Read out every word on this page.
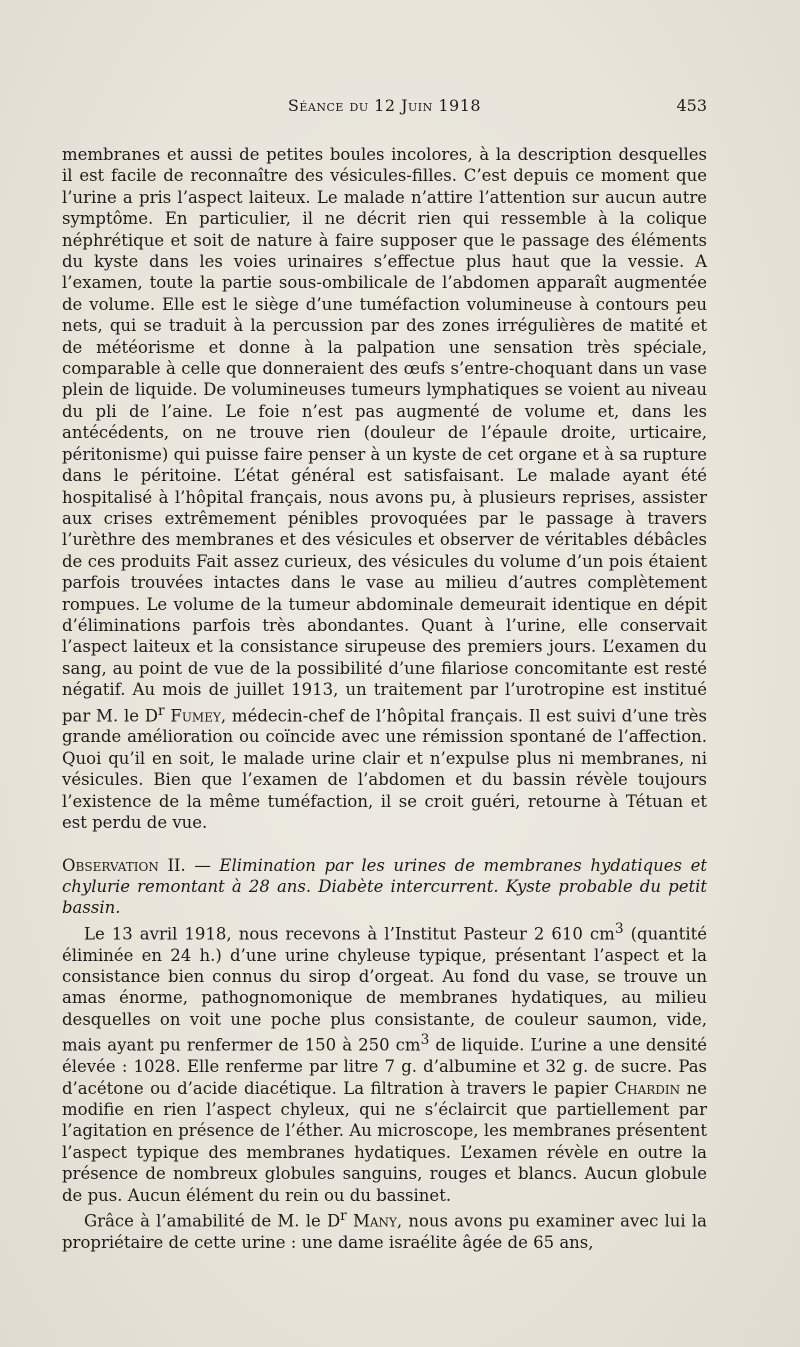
Séance du 12 Juin 1918	453

membranes et aussi de petites boules incolores, à la description desquelles il est facile de reconnaître des vésicules-filles. C’est depuis ce moment que l’urine a pris l’aspect laiteux. Le malade n’attire l’attention sur aucun autre symptôme. En particulier, il ne décrit rien qui ressemble à la colique néphrétique et soit de nature à faire supposer que le passage des éléments du kyste dans les voies urinaires s’effectue plus haut que la vessie. A l’examen, toute la partie sous-ombilicale de l’abdomen apparaît augmentée de volume. Elle est le siège d’une tuméfaction volumineuse à contours peu nets, qui se traduit à la percussion par des zones irrégulières de matité et de météorisme et donne à la palpation une sensation très spéciale, comparable à celle que donneraient des œufs s’entre-choquant dans un vase plein de liquide. De volumineuses tumeurs lymphatiques se voient au niveau du pli de l’aine. Le foie n’est pas augmenté de volume et, dans les antécédents, on ne trouve rien (douleur de l’épaule droite, urticaire, péritonisme) qui puisse faire penser à un kyste de cet organe et à sa rupture dans le péritoine. L’état général est satisfaisant. Le malade ayant été hospitalisé à l’hôpital français, nous avons pu, à plusieurs reprises, assister aux crises extrêmement pénibles provoquées par le passage à travers l’urèthre des membranes et des vésicules et observer de véritables débâcles de ces produits Fait assez curieux, des vésicules du volume d’un pois étaient parfois trouvées intactes dans le vase au milieu d’autres complètement rompues. Le volume de la tumeur abdominale demeurait identique en dépit d’éliminations parfois très abondantes. Quant à l’urine, elle conservait l’aspect laiteux et la consistance sirupeuse des premiers jours. L’examen du sang, au point de vue de la possibilité d’une filariose concomitante est resté négatif. Au mois de juillet 1913, un traitement par l’urotropine est institué par M. le $D^r$ Fumey, médecin-chef de l’hôpital français. Il est suivi d’une très grande amélioration ou coïncide avec une rémission spontané de l’affection. Quoi qu’il en soit, le malade urine clair et n’expulse plus ni membranes, ni vésicules. Bien que l’examen de l’abdomen et du bassin révèle toujours l’existence de la même tuméfaction, il se croit guéri, retourne à Tétuan et est perdu de vue.

Observation II. — Elimination par les urines de membranes hydatiques et chylurie remontant à 28 ans. Diabète intercurrent. Kyste probable du petit bassin.

Le 13 avril 1918, nous recevons à l’Institut Pasteur 2 610 $cm^3$ (quantité éliminée en 24 h.) d’une urine chyleuse typique, présentant l’aspect et la consistance bien connus du sirop d’orgeat. Au fond du vase, se trouve un amas énorme, pathognomonique de membranes hydatiques, au milieu desquelles on voit une poche plus consistante, de couleur saumon, vide, mais ayant pu renfermer de 150 à 250 $cm^3$ de liquide. L’urine a une densité élevée : 1028. Elle renferme par litre 7 g. d’albumine et 32 g. de sucre. Pas d’acétone ou d’acide diacétique. La filtration à travers le papier Chardin ne modifie en rien l’aspect chyleux, qui ne s’éclaircit que partiellement par l’agitation en présence de l’éther. Au microscope, les membranes présentent l’aspect typique des membranes hydatiques. L’examen révèle en outre la présence de nombreux globules sanguins, rouges et blancs. Aucun globule de pus. Aucun élément du rein ou du bassinet.

Grâce à l’amabilité de M. le $D^r$ Many, nous avons pu examiner avec lui la propriétaire de cette urine : une dame israélite âgée de 65 ans,
